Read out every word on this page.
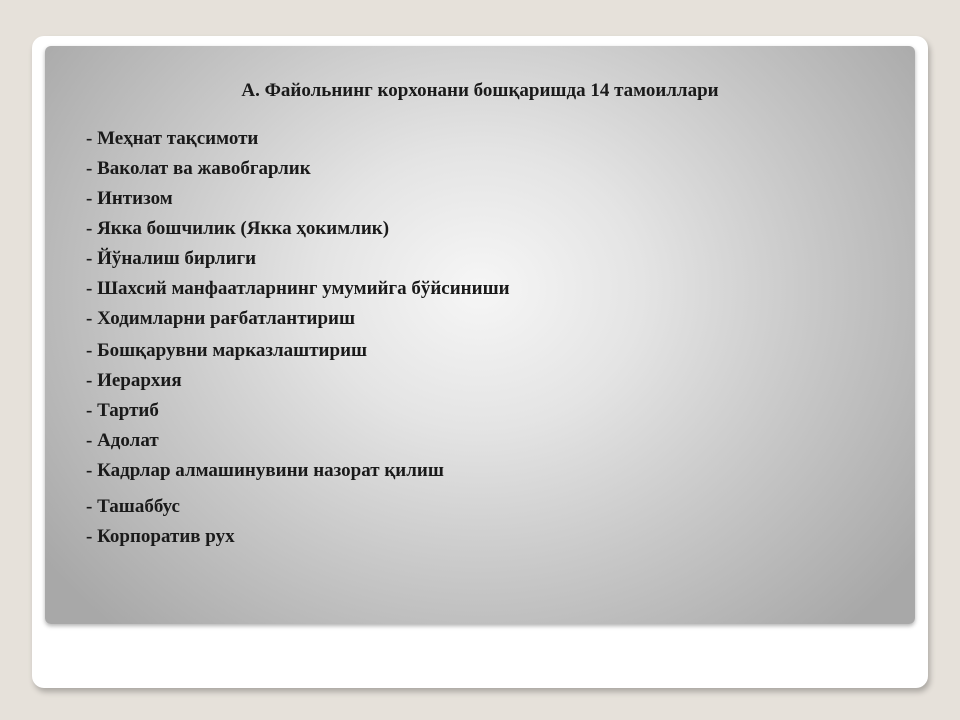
А. Файольнинг корхонани бошқаришда 14 тамоиллари
- Меҳнат тақсимоти
- Ваколат ва жавобгарлик
- Интизом
- Якка бошчилик (Якка ҳокимлик)
- Йўналиш бирлиги
- Шахсий манфаатларнинг умумийга бўйсиниши
- Ходимларни рағбатлантириш
- Бошқарувни марказлаштириш
- Иерархия
- Тартиб
- Адолат
- Кадрлар алмашинувини назорат қилиш
- Ташаббус
- Корпоратив рух
